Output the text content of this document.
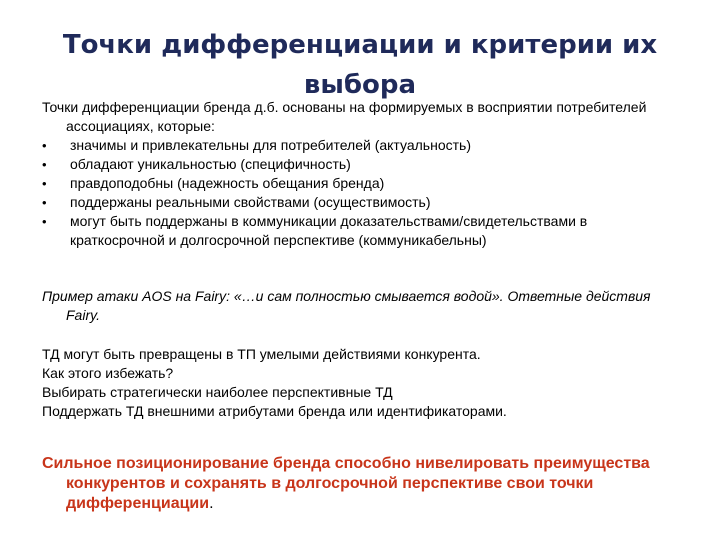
Точки дифференциации и критерии их выбора

Точки дифференциации бренда д.б. основаны на формируемых в восприятии потребителей ассоциациях, которые:

• значимы и привлекательны для потребителей (актуальность)
• обладают уникальностью (специфичность)
• правдоподобны (надежность обещания бренда)
• поддержаны реальными свойствами (осуществимость)
• могут быть поддержаны в коммуникации доказательствами/свидетельствами в краткосрочной и долгосрочной перспективе (коммуникабельны)

Пример атаки AOS на Fairy: «…и сам полностью смывается водой». Ответные действия Fairy.

ТД могут быть превращены в ТП умелыми действиями конкурента.

Как этого избежать?

Выбирать стратегически наиболее перспективные ТД

Поддержать ТД внешними атрибутами бренда или идентификаторами.

Сильное позиционирование бренда способно нивелировать преимущества конкурентов и сохранять в долгосрочной перспективе свои точки дифференциации.
